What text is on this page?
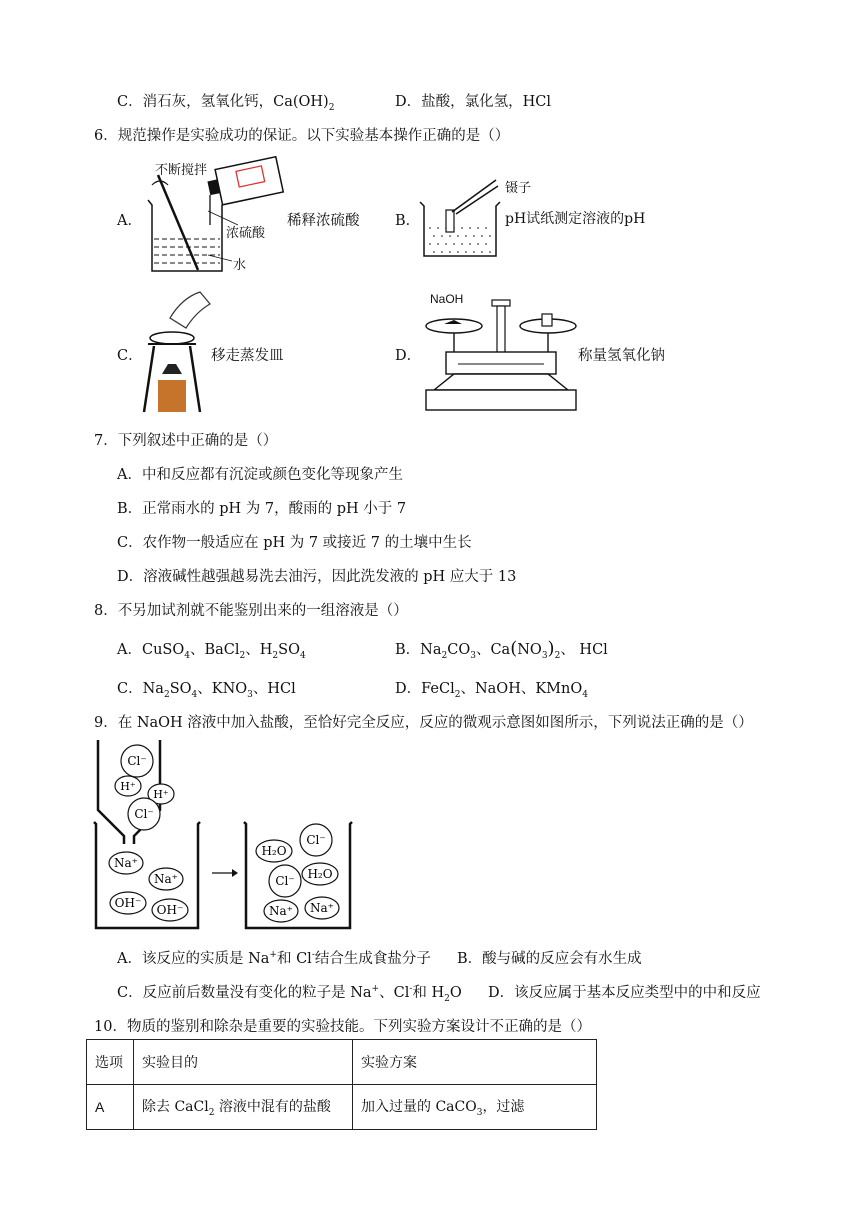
C．消石灰，氢氧化钙，$Ca(OH)_2$	D．盐酸，氯化氢，HCl
6．规范操作是实验成功的保证。以下实验基本操作正确的是（）
A．
不断搅拌
浓硫酸
水
稀释浓硫酸 B．
镊子
pH试纸测定溶液的pH
C．	移走蒸发皿	D．
NaOH
称量氢氧化钠
7．下列叙述中正确的是（）
A．中和反应都有沉淀或颜色变化等现象产生
B．正常雨水的 pH 为 7，酸雨的 pH 小于 7
C．农作物一般适应在 pH 为 7 或接近 7 的土壤中生长
D．溶液碱性越强越易洗去油污，因此洗发液的 pH 应大于 13
8．不另加试剂就不能鉴别出来的一组溶液是（）
A．CuSO$_4$、BaCl$_2$、$H_2SO_4$	B．$Na_2CO_3$、$Ca(NO_3)_2$、 HCl
C．$Na_2SO_4$、$KNO_3$、HCl	D．FeCl$_2$、NaOH、KMnO$_4$
9．在 NaOH 溶液中加入盐酸，至恰好完全反应，反应的微观示意图如图所示，下列说法正确的是（）
Cl⁻
H⁺
H⁺
Cl⁻
Na⁺
Na⁺
OH⁻ OH⁻
H₂O
Cl⁻
Cl⁻ H₂O
Na⁺ Na⁺
A．该反应的实质是 Na+和 Cl-结合生成食盐分子 B．酸与碱的反应会有水生成
C．反应前后数量没有变化的粒子是 Na+、Cl-和 $H_2O$ D．该反应属于基本反应类型中的中和反应
10．物质的鉴别和除杂是重要的实验技能。下列实验方案设计不正确的是（）
选项	实验目的	实验方案
A	除去 CaCl$_2$ 溶液中混有的盐酸	加入过量的 CaCO$_3$，过滤
